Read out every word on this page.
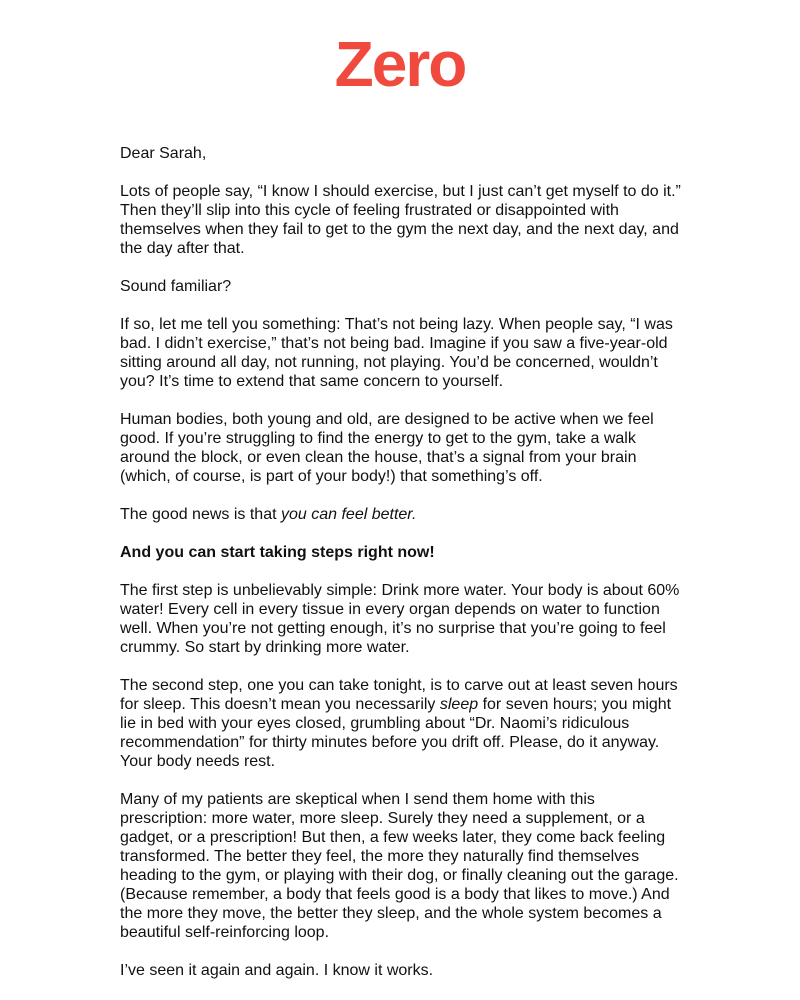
Zero

Dear Sarah,

Lots of people say, “I know I should exercise, but I just can’t get myself to do it.” Then they’ll slip into this cycle of feeling frustrated or disappointed with themselves when they fail to get to the gym the next day, and the next day, and the day after that.

Sound familiar?

If so, let me tell you something: That’s not being lazy. When people say, “I was bad. I didn’t exercise,” that’s not being bad. Imagine if you saw a five-year-old sitting around all day, not running, not playing. You’d be concerned, wouldn’t you? It’s time to extend that same concern to yourself.

Human bodies, both young and old, are designed to be active when we feel good. If you’re struggling to find the energy to get to the gym, take a walk around the block, or even clean the house, that’s a signal from your brain (which, of course, is part of your body!) that something’s off.

The good news is that you can feel better.

And you can start taking steps right now!

The first step is unbelievably simple: Drink more water. Your body is about 60% water! Every cell in every tissue in every organ depends on water to function well. When you’re not getting enough, it’s no surprise that you’re going to feel crummy. So start by drinking more water.

The second step, one you can take tonight, is to carve out at least seven hours for sleep. This doesn’t mean you necessarily sleep for seven hours; you might lie in bed with your eyes closed, grumbling about “Dr. Naomi’s ridiculous recommendation” for thirty minutes before you drift off. Please, do it anyway. Your body needs rest.

Many of my patients are skeptical when I send them home with this prescription: more water, more sleep. Surely they need a supplement, or a gadget, or a prescription! But then, a few weeks later, they come back feeling transformed. The better they feel, the more they naturally find themselves heading to the gym, or playing with their dog, or finally cleaning out the garage. (Because remember, a body that feels good is a body that likes to move.) And the more they move, the better they sleep, and the whole system becomes a beautiful self-reinforcing loop.

I’ve seen it again and again. I know it works.
